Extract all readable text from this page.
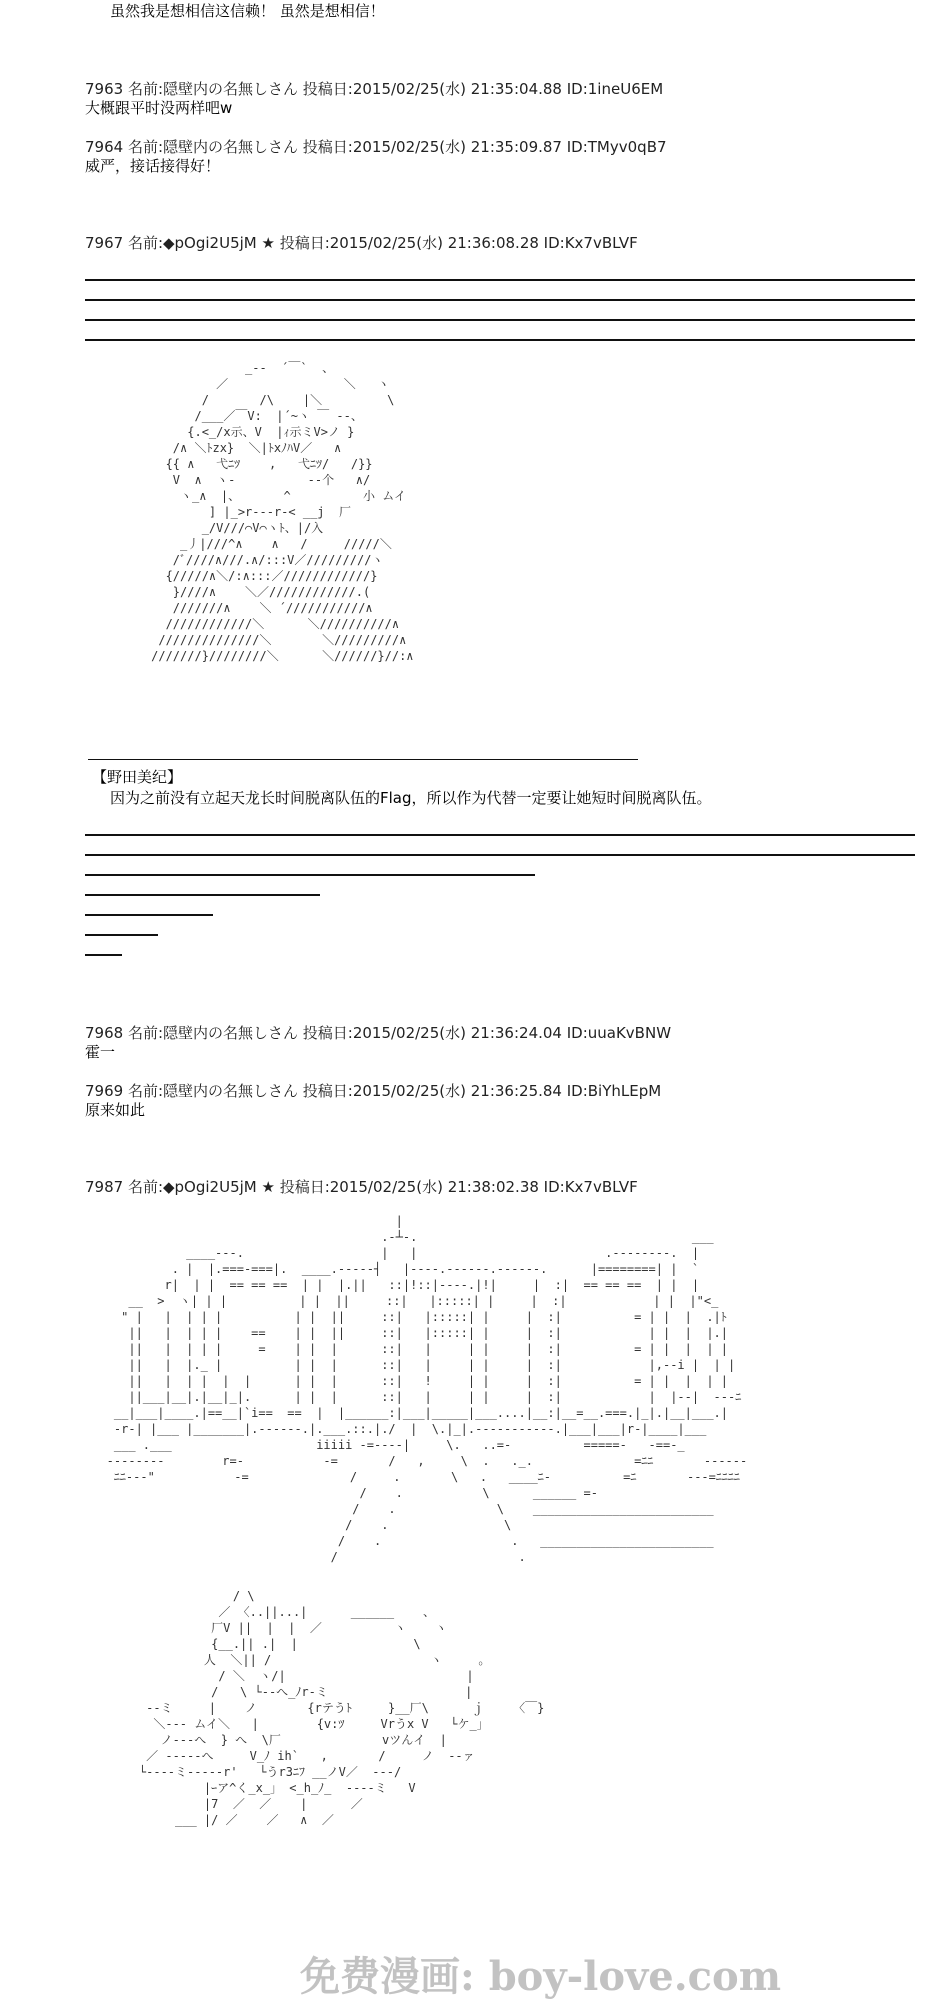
虽然我是想相信这信赖！ 虽然是想相信！
7963 名前:隠壁内の名無しさん 投稿日:2015/02/25(水) 21:35:04.88 ID:1ineU6EM
大概跟平时没两样吧w
7964 名前:隠壁内の名無しさん 投稿日:2015/02/25(水) 21:35:09.87 ID:TMyv0qB7
威严，接话接得好！
7967 名前:◆pOgi2U5jM ★ 投稿日:2015/02/25(水) 21:36:08.28 ID:Kx7vBLVF
_-‐  ´￣`  、
／                ＼   ヽ
/       /\    |＼         \
/___／￣V:  |´~ヽ ￣ ‐-、
{.<_/x示、V  |ｨ示ミV>ノ }
/∧ ＼ﾄzx}  ＼|ﾄxﾉﾊV／   ∧
{{ ∧   弋ﾆﾂ    ,   弋ﾆﾂ/   /}}
V  ∧  ヽ‐          ‐‐个   ∧/
ヽ_∧  |、      ^          小 ムイ
] |_>r‐‐‐r‐< __j  厂
_/V///⌒V⌒ヽﾄ、|/入
_丿|///^∧    ∧   /     /////＼
/ﾞ////∧///.∧/:::V／/////////ヽ
{/////∧＼/:∧:::／////////////}
}////∧    ＼／////////////.(
///////∧    ＼ ´///////////∧
////////////＼      ＼//////////∧
//////////////＼       ＼/////////∧
///////}////////＼      ＼//////}//:∧
【野田美纪】
因为之前没有立起天龙长时间脱离队伍的Flag，所以作为代替一定要让她短时间脱离队伍。
7968 名前:隠壁内の名無しさん 投稿日:2015/02/25(水) 21:36:24.04 ID:uuaKvBNW
霍一
7969 名前:隠壁内の名無しさん 投稿日:2015/02/25(水) 21:36:25.84 ID:BiYhLEpM
原来如此
7987 名前:◆pOgi2U5jM ★ 投稿日:2015/02/25(水) 21:38:02.38 ID:Kx7vBLVF
|
.-┴-.                                      ___
____-‐‐.                   |   |                          .-‐‐‐‐‐‐-.  |
. |  |.===‐===|.  ____.-‐‐‐‐┤   |‐‐‐‐.‐‐‐‐‐‐.‐‐‐‐‐‐.      |========| |  `
r|  | |  == == ==  | |  |.||   ::|!::|‐‐‐‐.|!|     |  :|  == == ==  | |  |
__  >  ヽ| | |          | |  ||     ::|   |:::::| |     |  :|            | |  |"<_
" |   |  | | |          | |  ||     ::|   |:::::| |     |  :|          = | |  |  .|ﾄ
||   |  | | |    ==    | |  ||     ::|   |:::::| |     |  :|            | |  |  |.|
||   |  | | |     =    | |  |      ::|   |     | |     |  :|          = | |  |  | |
||   |  |._ |          | |  |      ::|   |     | |     |  :|            |,‐-i |  | |
||   |  | |  |  |      | |  |      ::|   !     | |     |  :|          = | |  |  | |
||___|__|.|__|_|.      | |  |      ::|   |     | |     |  :|            |  |‐‐|  ‐--ﾆ
__|___|____.|==__|`i==  ==  |  |______:|___|_____|___....|__:|__=__.===.|_|.|__|___.|
‐r‐| |___ |_______|.--‐‐‐‐.|.___.::.|./  |  \.|_|.‐‐‐‐‐‐‐‐‐‐‐.|___|___|r‐|____|___
___ .___                    iiiii -=-‐--|     \.   ..=-          =====-   -==-_
‐‐‐‐‐‐‐‐        r=-           -=       /   ,     \  .   ._.              =ﾆﾆ       ‐‐‐‐‐‐
ﾆﾆ-‐-"           -=              /     .       \   .   ____ﾆ-          =ﾆ       ‐‐‐=ﾆﾆﾆﾆ
/    .           \      ______ =-
/    .              \    _________________________
/    .                \
/    .                  .   ________________________
/                         .
/ \
／ 〈..||...|      ______    、
厂V ||  |  |  ／          ヽ    ヽ
{__.|| .|  |                \
人  ＼|| /                      ヽ     。
/ ＼  ヽ/|                         |
/   \ └‐‐へ_ﾉr‐ミ                   |
--ミ     |    ノ       {rテうﾄ     }__厂\      ｊ    〈￣}
＼--- ムイ＼   |        {v:ﾂ     Vrうx V   └ケ_」
ノ---へ  } へ  \厂              vツんイ  |
／ -----へ     V_ﾉ ih`   ,       /     ノ  --ァ
└----ミ---‐-r'   └うr3ﾆﾌ __ノV／  ---/
|ｰア^く_x_」 <_h_ﾉ_  ---‐ミ   V
|7  ／  ／    |      ／
___ |/ ／    ／   ∧  ／
免费漫画: boy-love.com
